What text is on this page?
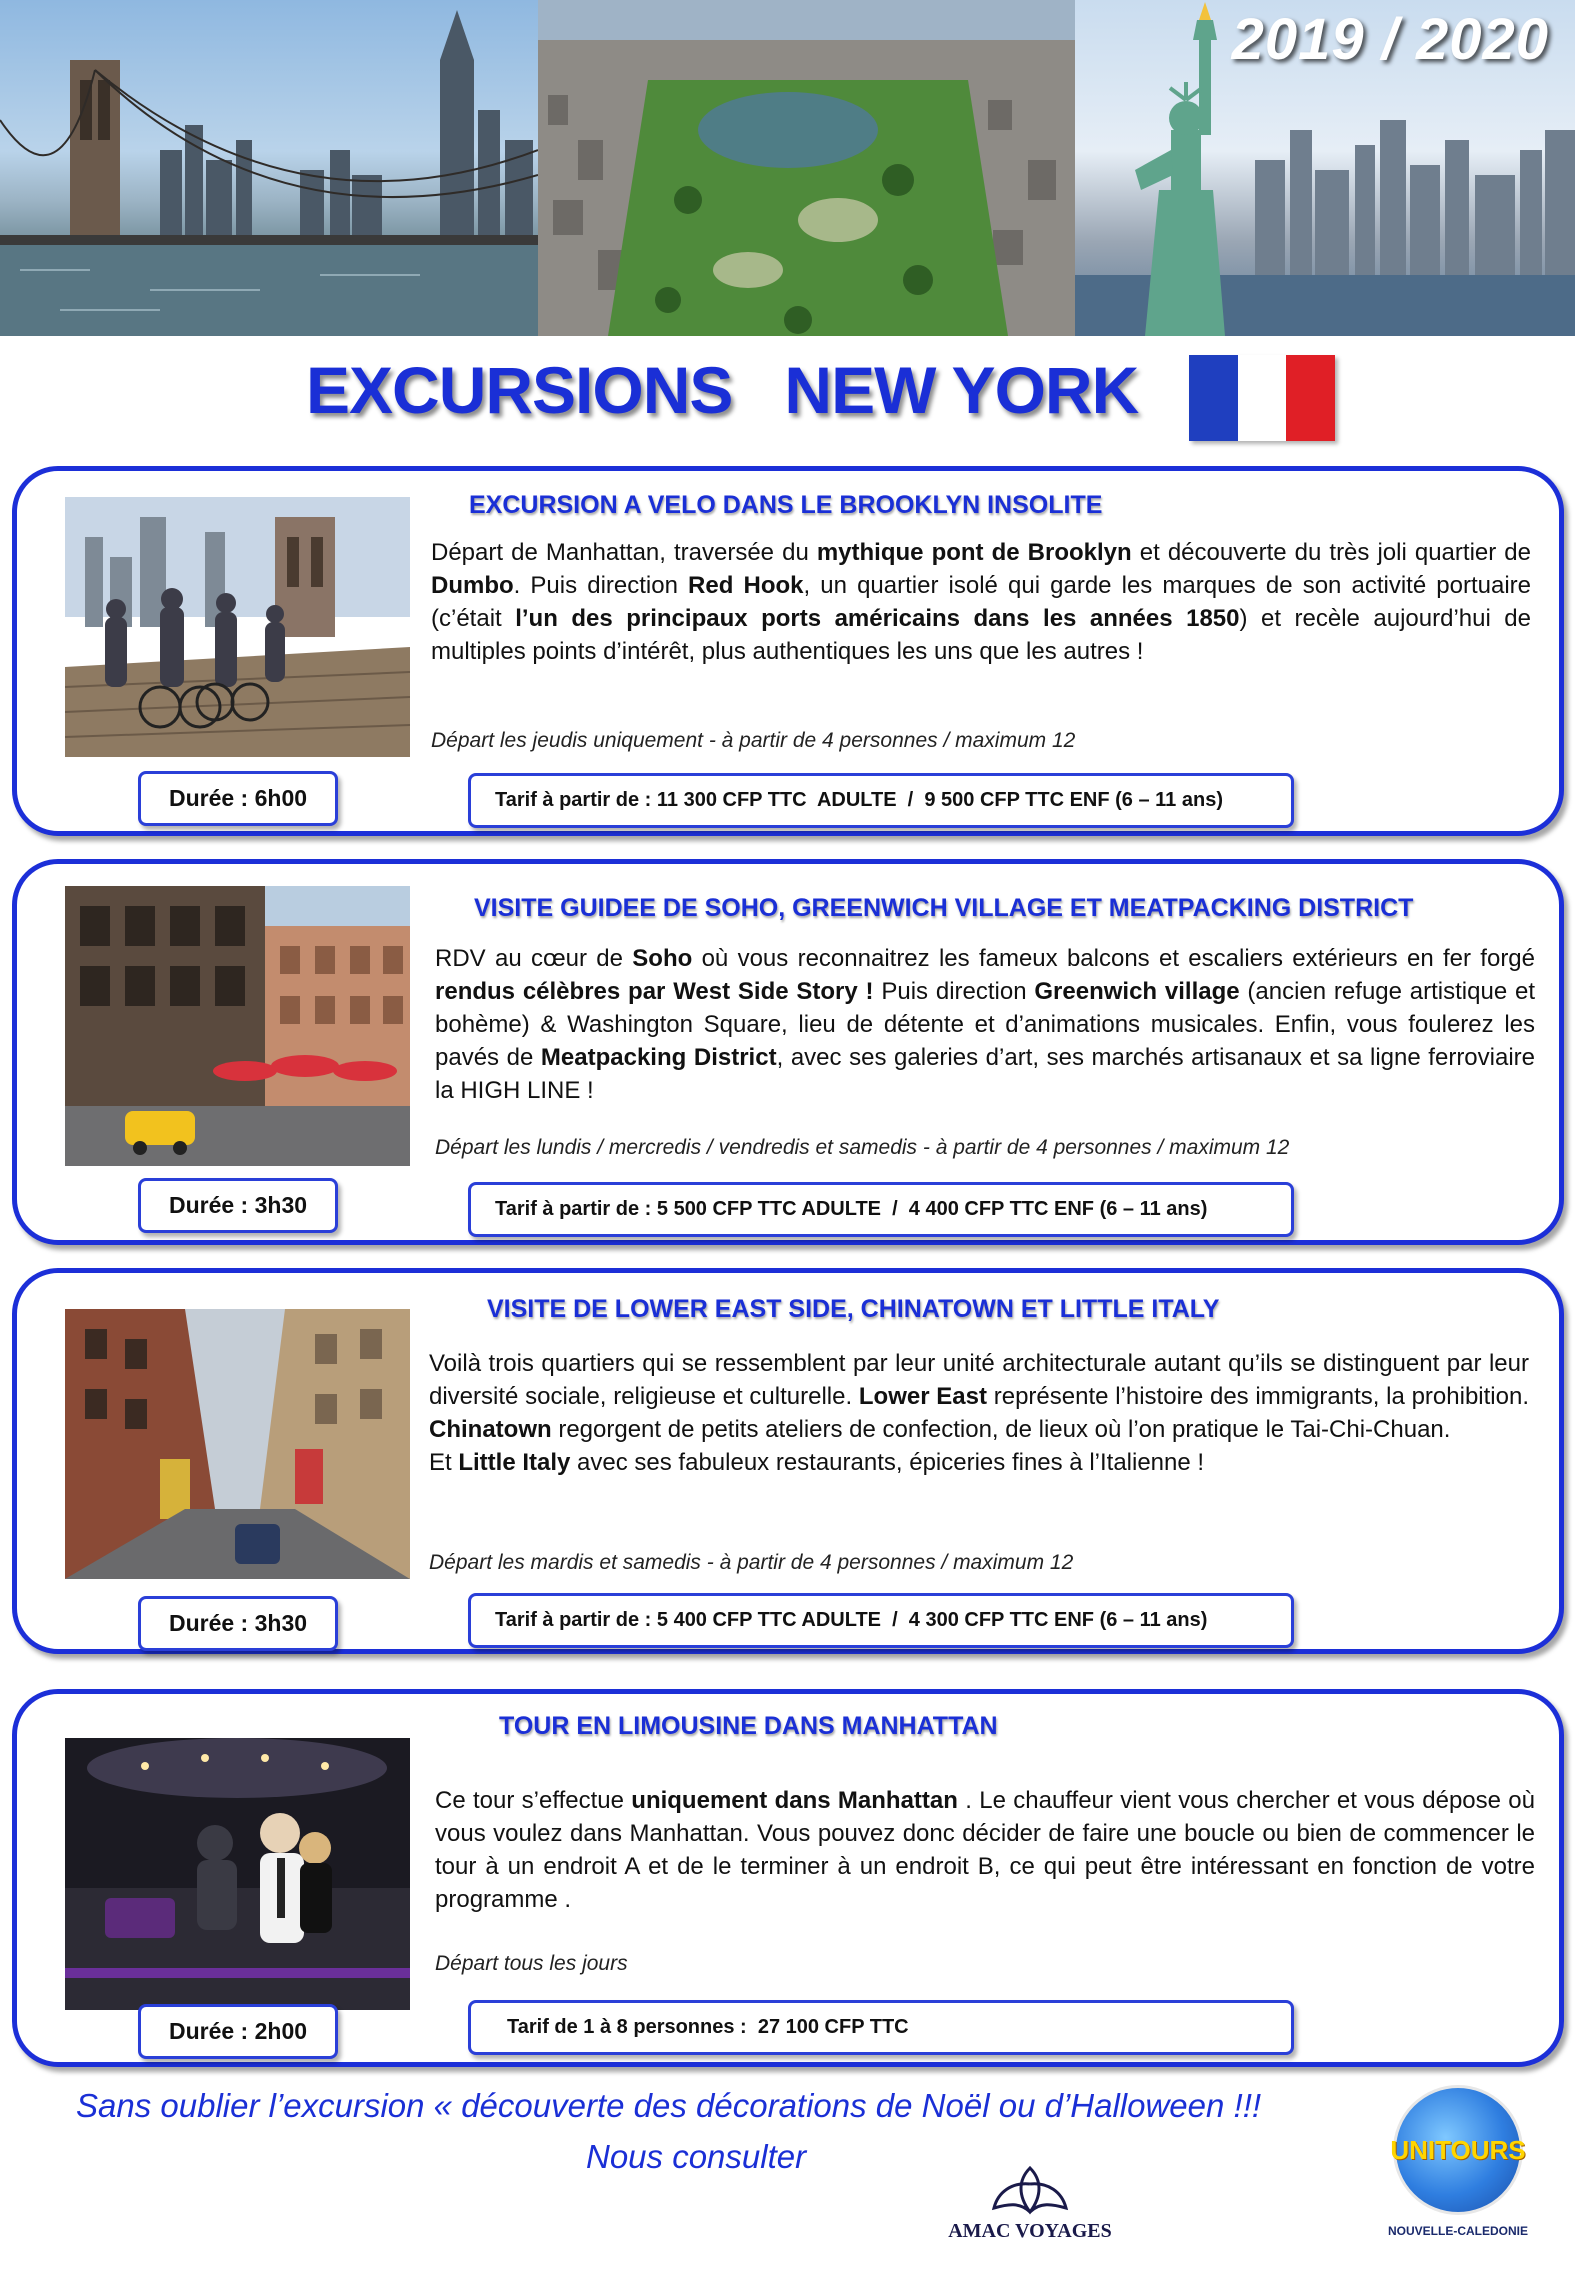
2019 / 2020
EXCURSIONS   NEW YORK
EXCURSION A VELO DANS LE BROOKLYN INSOLITE
Départ de Manhattan, traversée du mythique pont de Brooklyn et découverte du très joli quartier de Dumbo. Puis direction Red Hook, un quartier isolé qui garde les marques de son activité portuaire (c’était l’un des principaux ports américains dans les années 1850) et recèle aujourd’hui de multiples points d’intérêt, plus authentiques les uns que les autres !
Départ les jeudis uniquement - à partir de 4 personnes / maximum 12
Durée : 6h00	Tarif à partir de : 11 300 CFP TTC  ADULTE  /  9 500 CFP TTC ENF (6 – 11 ans)
VISITE GUIDEE DE SOHO, GREENWICH VILLAGE ET MEATPACKING DISTRICT
RDV au cœur de Soho où vous reconnaitrez les fameux balcons et escaliers extérieurs en fer forgé rendus célèbres par West Side Story ! Puis direction Greenwich village (ancien refuge artistique et bohème) & Washington Square, lieu de détente et d’animations musicales. Enfin, vous foulerez les pavés de Meatpacking District, avec ses galeries d’art, ses marchés artisanaux et sa ligne ferroviaire la HIGH LINE !
Départ les lundis / mercredis / vendredis et samedis - à partir de 4 personnes / maximum 12
Durée : 3h30	Tarif à partir de : 5 500 CFP TTC ADULTE  /  4 400 CFP TTC ENF (6 – 11 ans)
VISITE DE LOWER EAST SIDE, CHINATOWN ET LITTLE ITALY
Voilà trois quartiers qui se ressemblent par leur unité architecturale autant qu’ils se distinguent par leur diversité sociale, religieuse et culturelle. Lower East représente l’histoire des immigrants, la prohibition. Chinatown regorgent de petits ateliers de confection, de lieux où l’on pratique le Tai-Chi-Chuan.
Et Little Italy avec ses fabuleux restaurants, épiceries fines à l’Italienne !
Départ les mardis et samedis - à partir de 4 personnes / maximum 12
Durée : 3h30	Tarif à partir de : 5 400 CFP TTC ADULTE  /  4 300 CFP TTC ENF (6 – 11 ans)
TOUR EN LIMOUSINE DANS MANHATTAN
Ce tour s’effectue uniquement dans Manhattan . Le chauffeur vient vous chercher et vous dépose où vous voulez dans Manhattan. Vous pouvez donc décider de faire une boucle ou bien de commencer le tour à un endroit A et de le terminer à un endroit B, ce qui peut être intéressant en fonction de votre programme .
Départ tous les jours
Durée : 2h00	Tarif de 1 à 8 personnes :  27 100 CFP TTC
Sans oublier l’excursion « découverte des décorations de Noël ou d’Halloween !!!
Nous consulter
AMAC VOYAGES
UNITOURS
NOUVELLE-CALEDONIE
